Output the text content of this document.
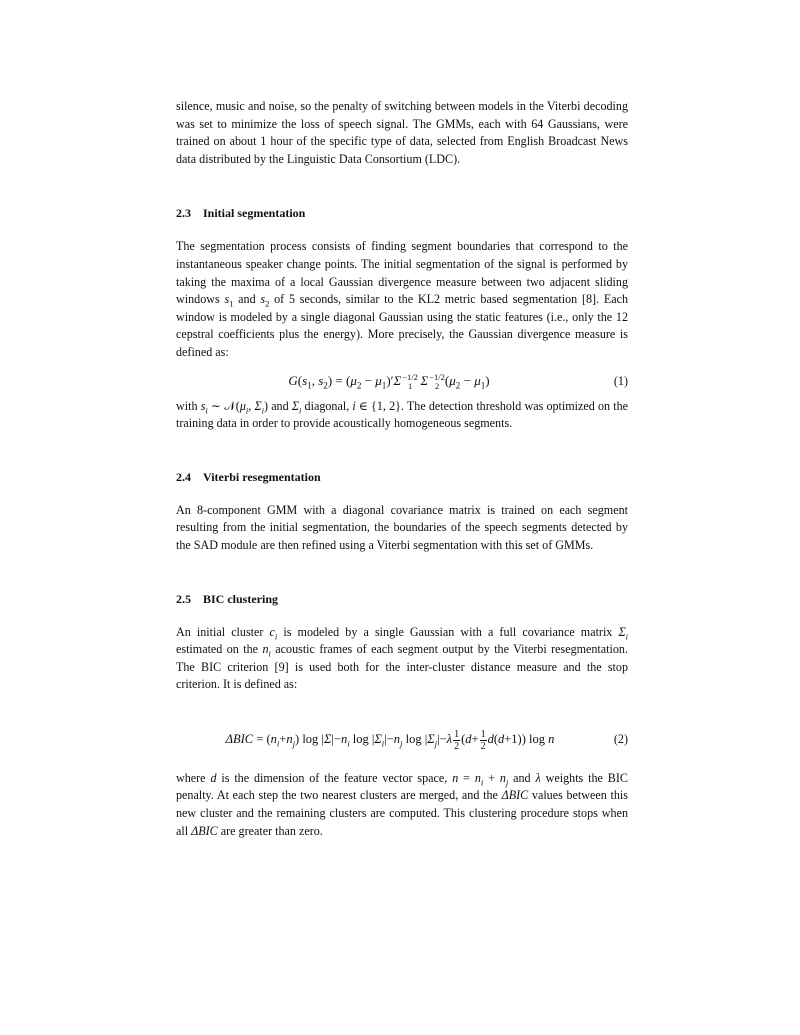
silence, music and noise, so the penalty of switching between models in the Viterbi decoding was set to minimize the loss of speech signal. The GMMs, each with 64 Gaussians, were trained on about 1 hour of the specific type of data, selected from English Broadcast News data distributed by the Linguistic Data Consortium (LDC).

2.3 Initial segmentation

The segmentation process consists of finding segment boundaries that correspond to the instantaneous speaker change points. The initial segmentation of the signal is performed by taking the maxima of a local Gaussian divergence measure between two adjacent sliding windows $s_1$ and $s_2$ of 5 seconds, similar to the KL2 metric based segmentation [8]. Each window is modeled by a single diagonal Gaussian using the static features (i.e., only the 12 cepstral coefficients plus the energy). More precisely, the Gaussian divergence measure is defined as:

$G(s_1$, $s_2) = (\mu_2 - \mu_1)'\Sigma -1/2$
1
  Σ −1/2
2 $(\mu_2 - \mu_1)$	(1)

with $s_i$ ∼ $𝒩(\mu_i$, $\Sigma_i$) and $\Sigma_i$ diagonal, i ∈ {1, 2}. The detection threshold was optimized on the training data in order to provide acoustically homogeneous segments.

2.4 Viterbi resegmentation

An 8-component GMM with a diagonal covariance matrix is trained on each segment resulting from the initial segmentation, the boundaries of the speech segments detected by the SAD module are then refined using a Viterbi segmentation with this set of GMMs.

2.5 BIC clustering

An initial cluster $c_i$ is modeled by a single Gaussian with a full covariance matrix $\Sigma_i$ estimated on the $n_i$ acoustic frames of each segment output by the Viterbi resegmentation. The BIC criterion [9] is used both for the inter-cluster distance measure and the stop criterion. It is defined as:

$\Delta BIC = (n_i+n_j)$ $\log |\Sigma|-n_i$ $\log |\Sigma_i|-n_j$ $\log |\Sigma_j|-\lambda \frac{1}{2} (d+ \frac{1}{2} d(d+1))$ log n	(2)

where d is the dimension of the feature vector space, $n = n_i + n_j$ and λ weights the BIC penalty. At each step the two nearest clusters are merged, and the ΔBIC values between this new cluster and the remaining clusters are computed. This clustering procedure stops when all ΔBIC are greater than zero.
